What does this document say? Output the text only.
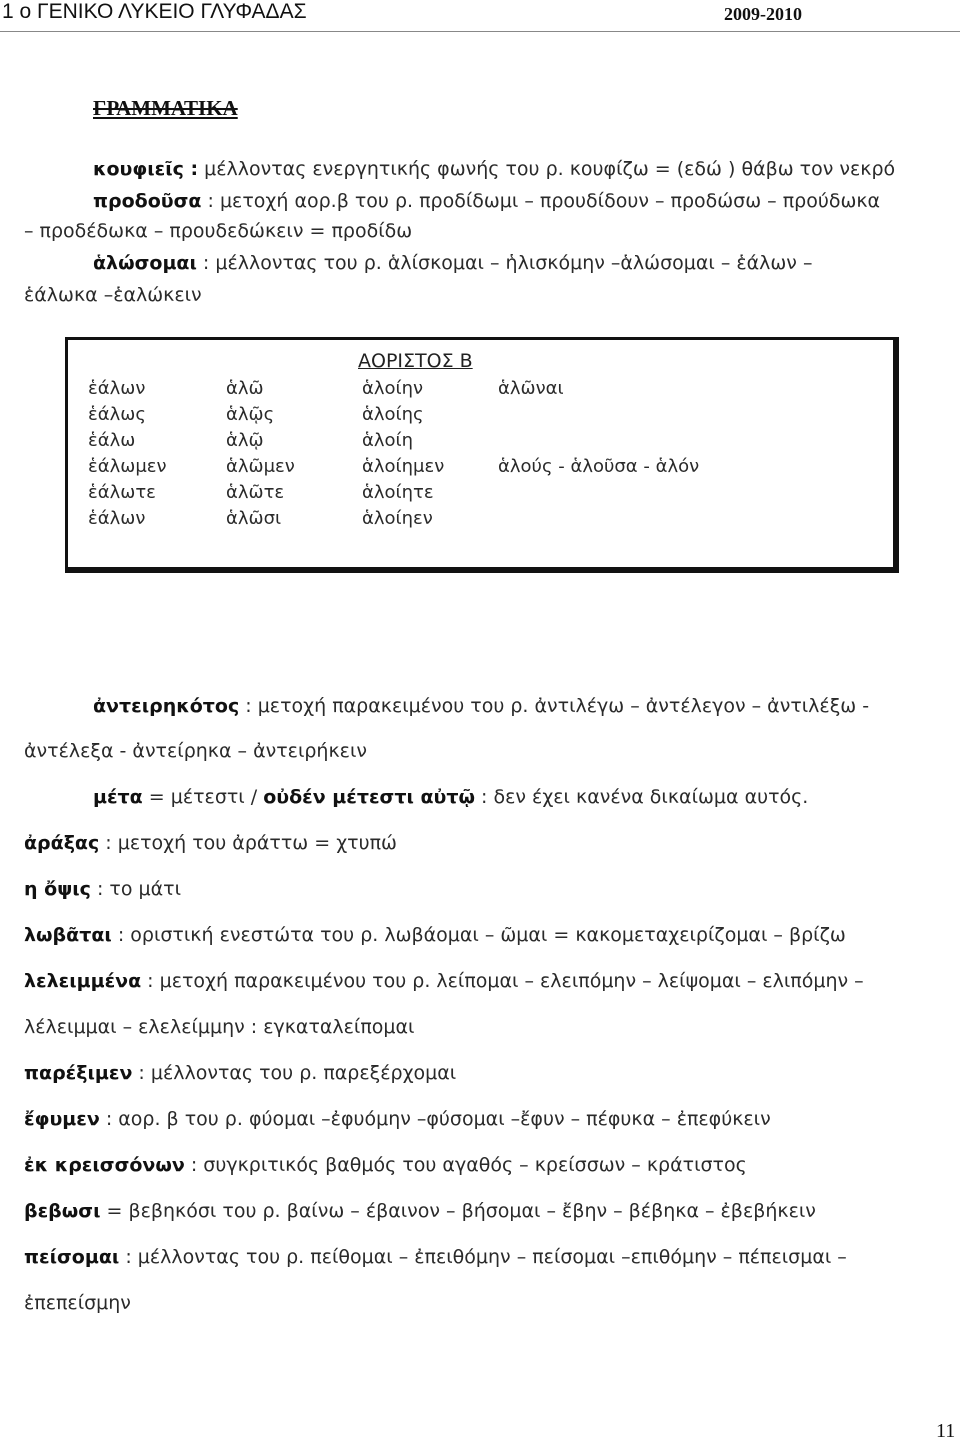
1 ο ΓΕΝΙΚΟ ΛΥΚΕΙΟ ΓΛΥΦΑΔΑΣ	2009-2010
ΓΡΑΜΜΑΤΙΚΑ
κουφιεῖς : μέλλοντας ενεργητικής φωνής του ρ. κουφίζω = (εδώ ) θάβω τον νεκρό
προδοῦσα : μετοχή αορ.β του ρ. προδίδωμι – προυδίδουν – προδώσω – προύδωκα
– προδέδωκα – προυδεδώκειν = προδίδω
ἁλώσομαι : μέλλοντας του ρ. ἁλίσκομαι – ἡλισκόμην –ἁλώσομαι – ἑάλων –
ἑάλωκα –ἑαλώκειν
ΑΟΡΙΣΤΟΣ Β
ἑάλων	ἁλῶ	ἁλοίην	ἁλῶναι
ἑάλως	ἁλῷς	ἁλοίης
ἑάλω	ἁλῷ	ἁλοίη
ἑάλωμεν	ἁλῶμεν	ἁλοίημεν	ἁλούς - ἁλοῦσα - ἁλόν
ἑάλωτε	ἁλῶτε	ἁλοίητε
ἑάλων	ἁλῶσι	ἁλοίηεν
ἀντειρηκότος : μετοχή παρακειμένου του ρ. ἀντιλέγω – ἀντέλεγον – ἀντιλέξω -
ἀντέλεξα - ἀντείρηκα – ἀντειρήκειν
μέτα = μέτεστι / οὐδέν μέτεστι αὐτῷ : δεν έχει κανένα δικαίωμα αυτός.
ἀράξας : μετοχή του ἀράττω = χτυπώ
η ὄψις : το μάτι
λωβᾶται : οριστική ενεστώτα του ρ. λωβάομαι – ῶμαι = κακομεταχειρίζομαι – βρίζω
λελειμμένα : μετοχή παρακειμένου του ρ. λείπομαι – ελειπόμην – λείψομαι – ελιπόμην –
λέλειμμαι – ελελείμμην : εγκαταλείπομαι
παρέξιμεν : μέλλοντας του ρ. παρεξέρχομαι
ἔφυμεν : αορ. β του ρ. φύομαι –ἐφυόμην –φύσομαι –ἔφυν – πέφυκα – ἐπεφύκειν
ἐκ κρεισσόνων : συγκριτικός βαθμός του αγαθός – κρείσσων – κράτιστος
βεβωσι = βεβηκόσι του ρ. βαίνω – έβαινον – βήσομαι – ἔβην – βέβηκα – ἐβεβήκειν
πείσομαι : μέλλοντας του ρ. πείθομαι – ἐπειθόμην – πείσομαι –επιθόμην – πέπεισμαι –
ἐπεπείσμην
11
